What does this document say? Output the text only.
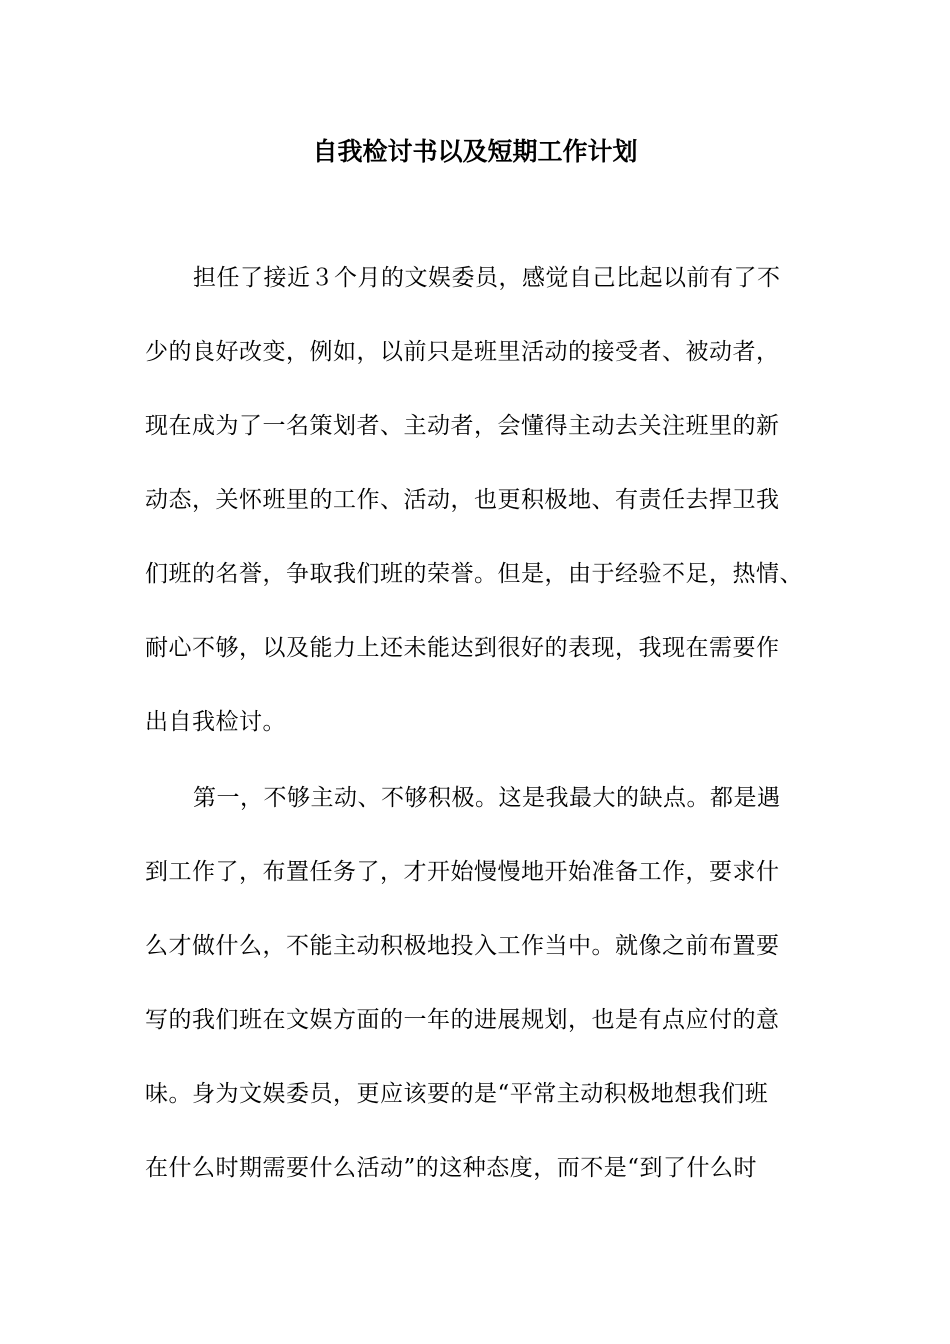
自我检讨书以及短期工作计划
担任了接近３个月的文娱委员，感觉自己比起以前有了不
少的良好改变，例如，以前只是班里活动的接受者、被动者，
现在成为了一名策划者、主动者，会懂得主动去关注班里的新
动态，关怀班里的工作、活动，也更积极地、有责任去捍卫我
们班的名誉，争取我们班的荣誉。但是，由于经验不足，热情、
耐心不够，以及能力上还未能达到很好的表现，我现在需要作
出自我检讨。
第一，不够主动、不够积极。这是我最大的缺点。都是遇
到工作了，布置任务了，才开始慢慢地开始准备工作，要求什
么才做什么，不能主动积极地投入工作当中。就像之前布置要
写的我们班在文娱方面的一年的进展规划，也是有点应付的意
味。身为文娱委员，更应该要的是“平常主动积极地想我们班
在什么时期需要什么活动”的这种态度，而不是“到了什么时
